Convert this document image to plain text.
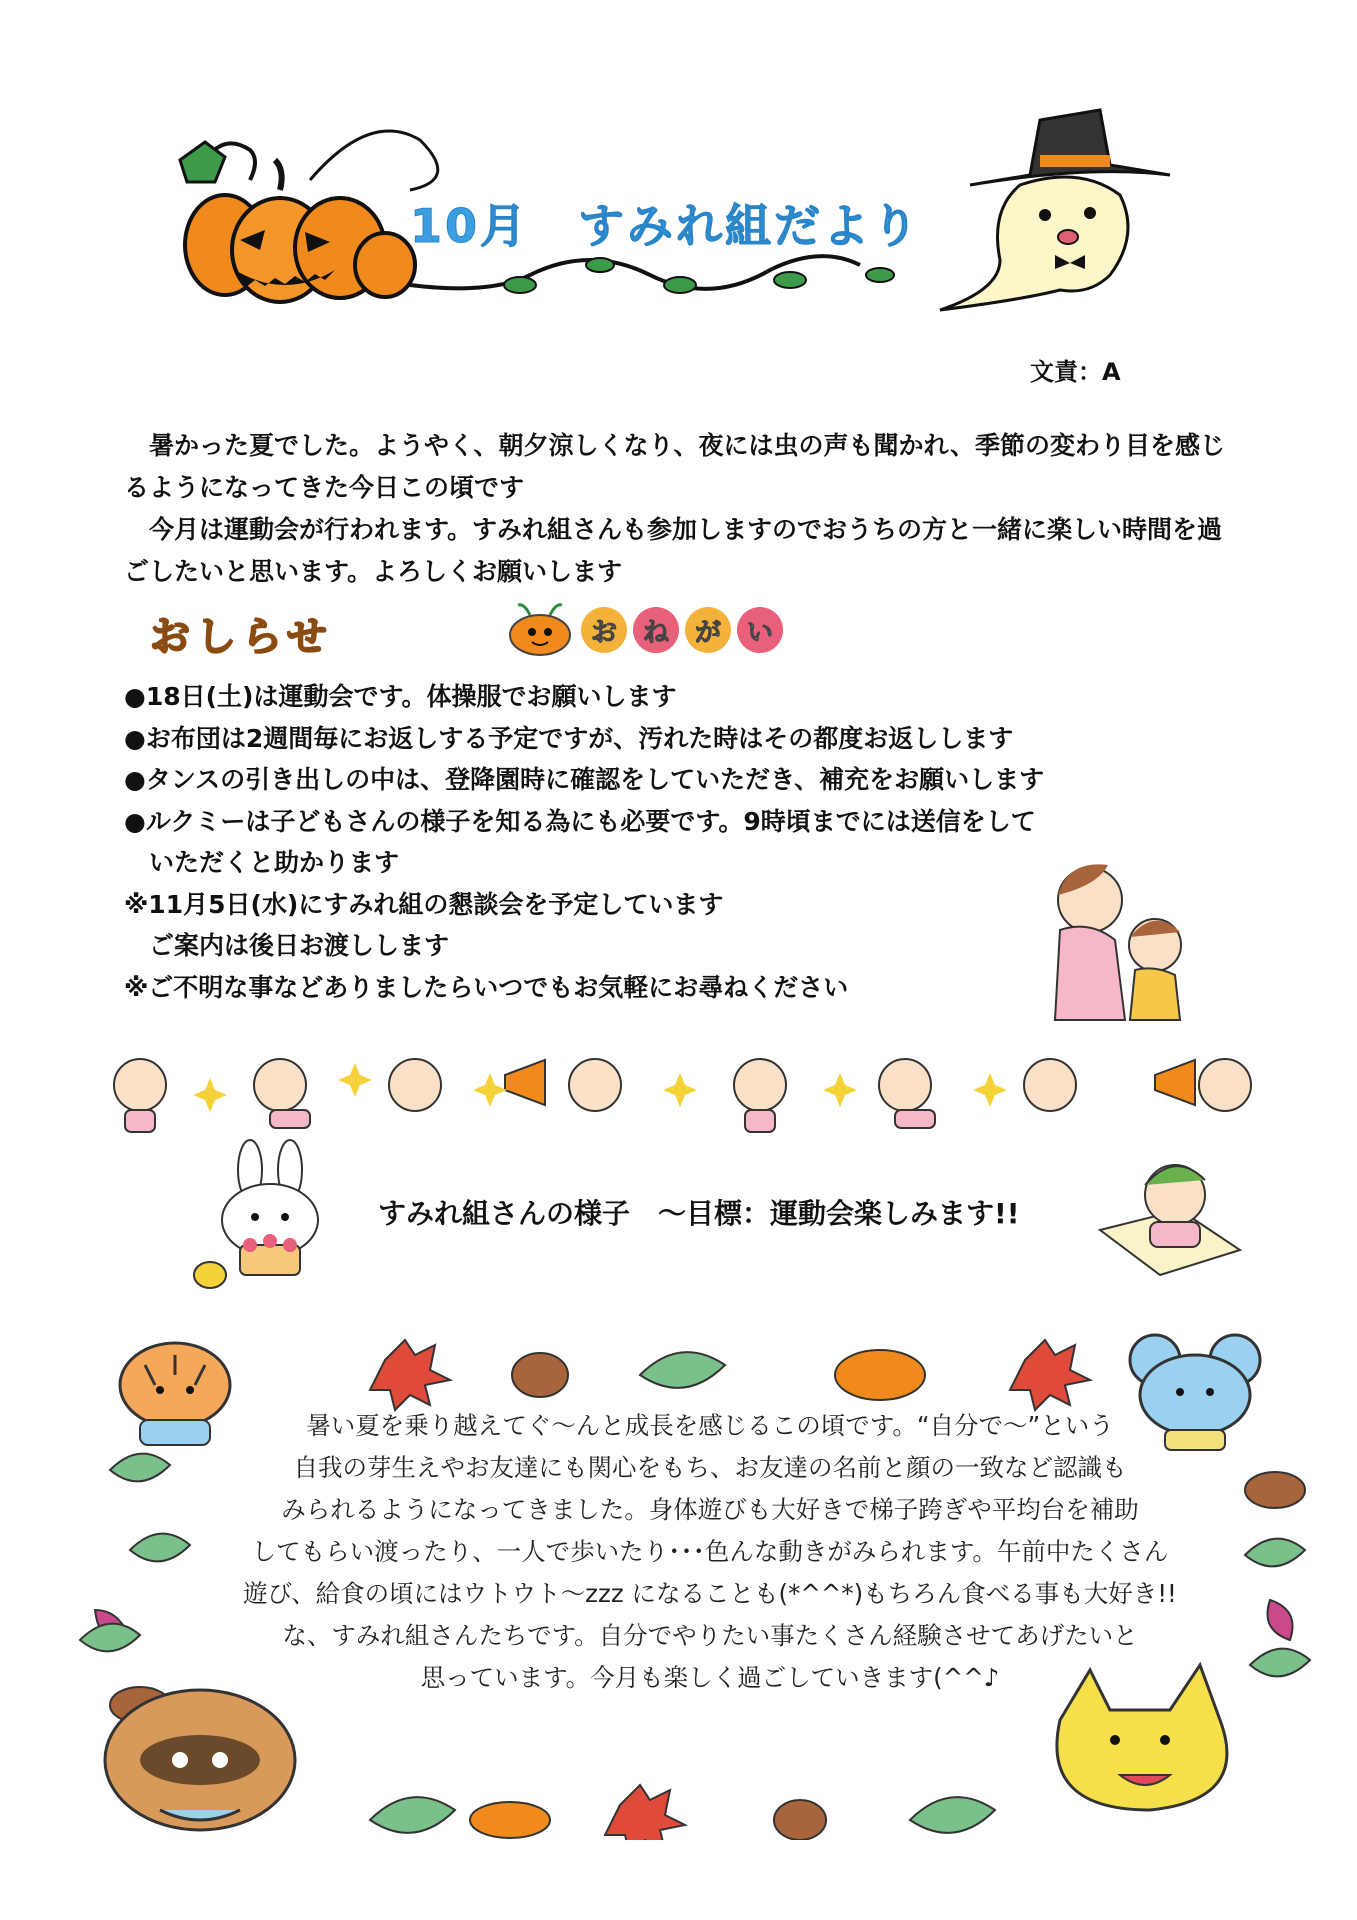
10月　すみれ組だより
文責：A

　暑かった夏でした。ようやく、朝夕涼しくなり、夜には虫の声も聞かれ、季節の変わり目を感じるようになってきた今日この頃です

　今月は運動会が行われます。すみれ組さんも参加しますのでおうちの方と一緒に楽しい時間を過ごしたいと思います。よろしくお願いします

おしらせ	お ね が い
●18日(土)は運動会です。体操服でお願いします
●お布団は2週間毎にお返しする予定ですが、汚れた時はその都度お返しします
●タンスの引き出しの中は、登降園時に確認をしていただき、補充をお願いします
●ルクミーは子どもさんの様子を知る為にも必要です。9時頃までには送信をして
　いただくと助かります
※11月5日(水)にすみれ組の懇談会を予定しています
　ご案内は後日お渡しします
※ご不明な事などありましたらいつでもお気軽にお尋ねください
すみれ組さんの様子　～目標：運動会楽しみます!!
暑い夏を乗り越えてぐ～んと成長を感じるこの頃です。“自分で～”という
自我の芽生えやお友達にも関心をもち、お友達の名前と顔の一致など認識も
みられるようになってきました。身体遊びも大好きで梯子跨ぎや平均台を補助
してもらい渡ったり、一人で歩いたり･･･色んな動きがみられます。午前中たくさん
遊び、給食の頃にはウトウト～zzz になることも(*^^*)もちろん食べる事も大好き!!
な、すみれ組さんたちです。自分でやりたい事たくさん経験させてあげたいと
思っています。今月も楽しく過ごしていきます(^^♪
